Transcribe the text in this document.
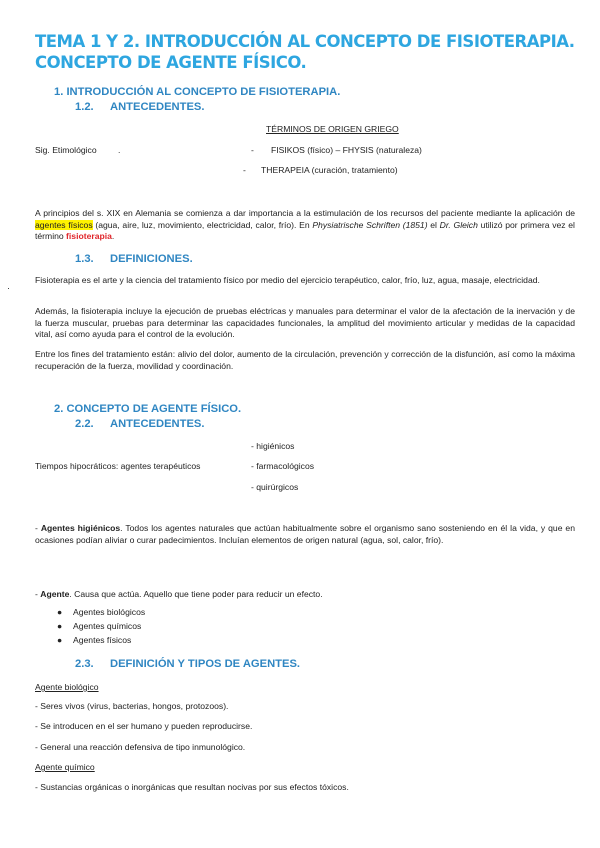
TEMA 1 Y 2. INTRODUCCIÓN AL CONCEPTO DE FISIOTERAPIA.
CONCEPTO DE AGENTE FÍSICO.
1. INTRODUCCIÓN AL CONCEPTO DE FISIOTERAPIA.
1.2. ANTECEDENTES.
TÉRMINOS DE ORIGEN GRIEGO
Sig. Etimológico .	- FISIKOS (físico) – FHYSIS (naturaleza)
- THERAPEIA (curación, tratamiento)
A principios del s. XIX en Alemania se comienza a dar importancia a la estimulación de los recursos del paciente mediante la aplicación de agentes físicos (agua, aire, luz, movimiento, electricidad, calor, frío). En Physiatrische Schriften (1851) el Dr. Gleich utilizó por primera vez el término fisioterapia.
1.3. DEFINICIONES.
·
Fisioterapia es el arte y la ciencia del tratamiento físico por medio del ejercicio terapéutico, calor, frío, luz, agua, masaje, electricidad.
Además, la fisioterapia incluye la ejecución de pruebas eléctricas y manuales para determinar el valor de la afectación de la inervación y de la fuerza muscular, pruebas para determinar las capacidades funcionales, la amplitud del movimiento articular y medidas de la capacidad vital, así como ayuda para el control de la evolución.
Entre los fines del tratamiento están: alivio del dolor, aumento de la circulación, prevención y corrección de la disfunción, así como la máxima recuperación de la fuerza, movilidad y coordinación.
2. CONCEPTO DE AGENTE FÍSICO.
2.2. ANTECEDENTES.
- higiénicos
Tiempos hipocráticos: agentes terapéuticos	- farmacológicos
- quirúrgicos
- Agentes higiénicos. Todos los agentes naturales que actúan habitualmente sobre el organismo sano sosteniendo en él la vida, y que en ocasiones podían aliviar o curar padecimientos. Incluían elementos de origen natural (agua, sol, calor, frío).
- Agente. Causa que actúa. Aquello que tiene poder para reducir un efecto.
● Agentes biológicos
● Agentes químicos
● Agentes físicos
2.3. DEFINICIÓN Y TIPOS DE AGENTES.
Agente biológico
- Seres vivos (virus, bacterias, hongos, protozoos).
- Se introducen en el ser humano y pueden reproducirse.
- General una reacción defensiva de tipo inmunológico.
Agente químico
- Sustancias orgánicas o inorgánicas que resultan nocivas por sus efectos tóxicos.
